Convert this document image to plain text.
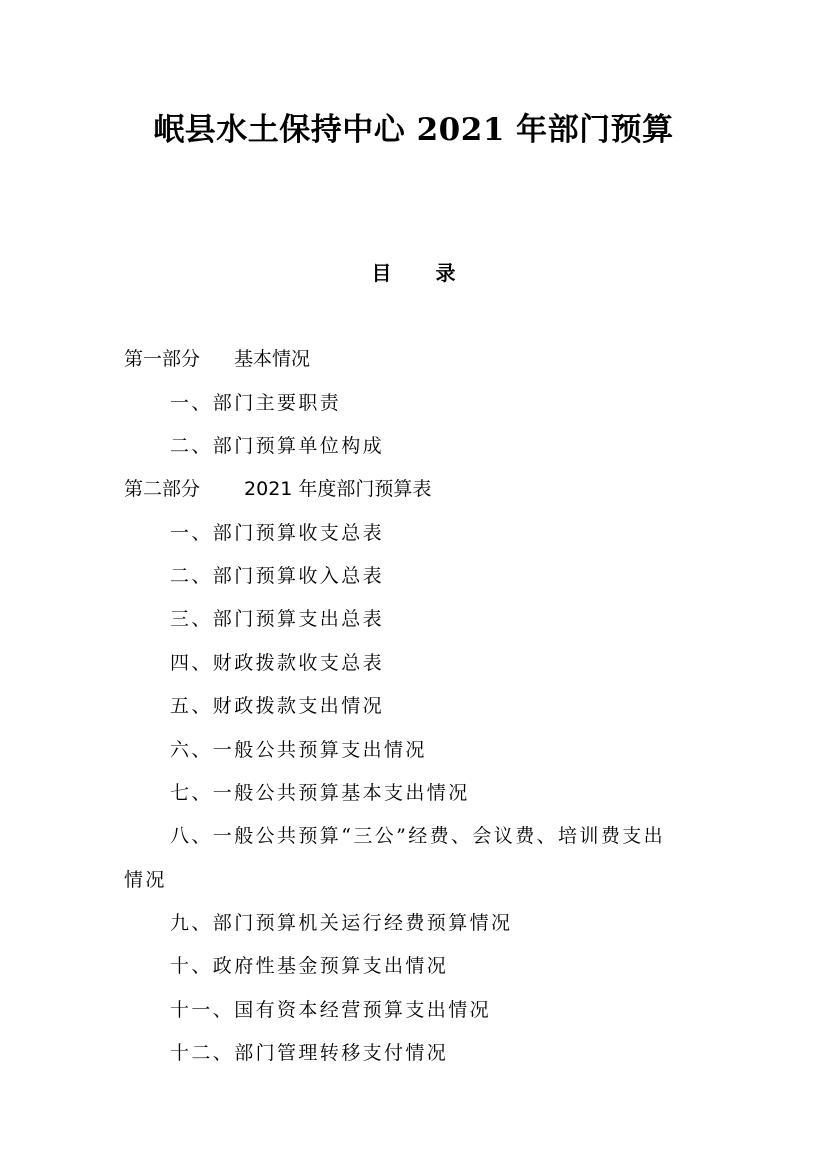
岷县水土保持中心 2021 年部门预算
目 录
第一部分 基本情况
一、部门主要职责
二、部门预算单位构成
第二部分 2021 年度部门预算表
一、部门预算收支总表
二、部门预算收入总表
三、部门预算支出总表
四、财政拨款收支总表
五、财政拨款支出情况
六、一般公共预算支出情况
七、一般公共预算基本支出情况
八、一般公共预算“三公”经费、会议费、培训费支出
情况
九、部门预算机关运行经费预算情况
十、政府性基金预算支出情况
十一、国有资本经营预算支出情况
十二、部门管理转移支付情况
